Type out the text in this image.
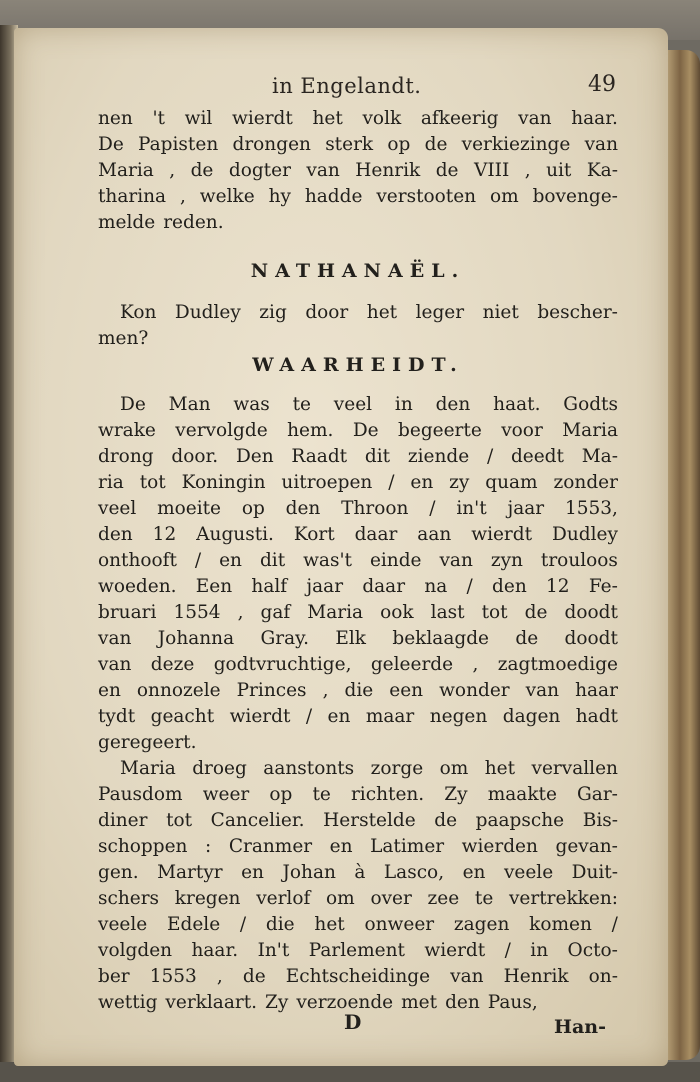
in Engelandt.	49
nen 't wil wierdt het volk afkeerig van haar.
De Papisten drongen sterk op de verkiezinge van
Maria , de dogter van Henrik de VIII , uit Ka-
tharina , welke hy hadde verstooten om bovenge-
melde reden.
NATHANAËL.
Kon Dudley zig door het leger niet bescher-
men?
WAARHEIDT.
De Man was te veel in den haat. Godts
wrake vervolgde hem. De begeerte voor Maria
drong door. Den Raadt dit ziende / deedt Ma-
ria tot Koningin uitroepen / en zy quam zonder
veel moeite op den Throon / in't jaar 1553,
den 12 Augusti. Kort daar aan wierdt Dudley
onthooft / en dit was't einde van zyn trouloos
woeden. Een half jaar daar na / den 12 Fe-
bruari 1554 , gaf Maria ook last tot de doodt
van Johanna Gray. Elk beklaagde de doodt
van deze godtvruchtige, geleerde , zagtmoedige
en onnozele Princes , die een wonder van haar
tydt geacht wierdt / en maar negen dagen hadt
geregeert.
Maria droeg aanstonts zorge om het vervallen
Pausdom weer op te richten. Zy maakte Gar-
diner tot Cancelier. Herstelde de paapsche Bis-
schoppen : Cranmer en Latimer wierden gevan-
gen. Martyr en Johan à Lasco, en veele Duit-
schers kregen verlof om over zee te vertrekken:
veele Edele / die het onweer zagen komen /
volgden haar. In't Parlement wierdt / in Octo-
ber 1553 , de Echtscheidinge van Henrik on-
wettig verklaart. Zy verzoende met den Paus,
D	Han-
